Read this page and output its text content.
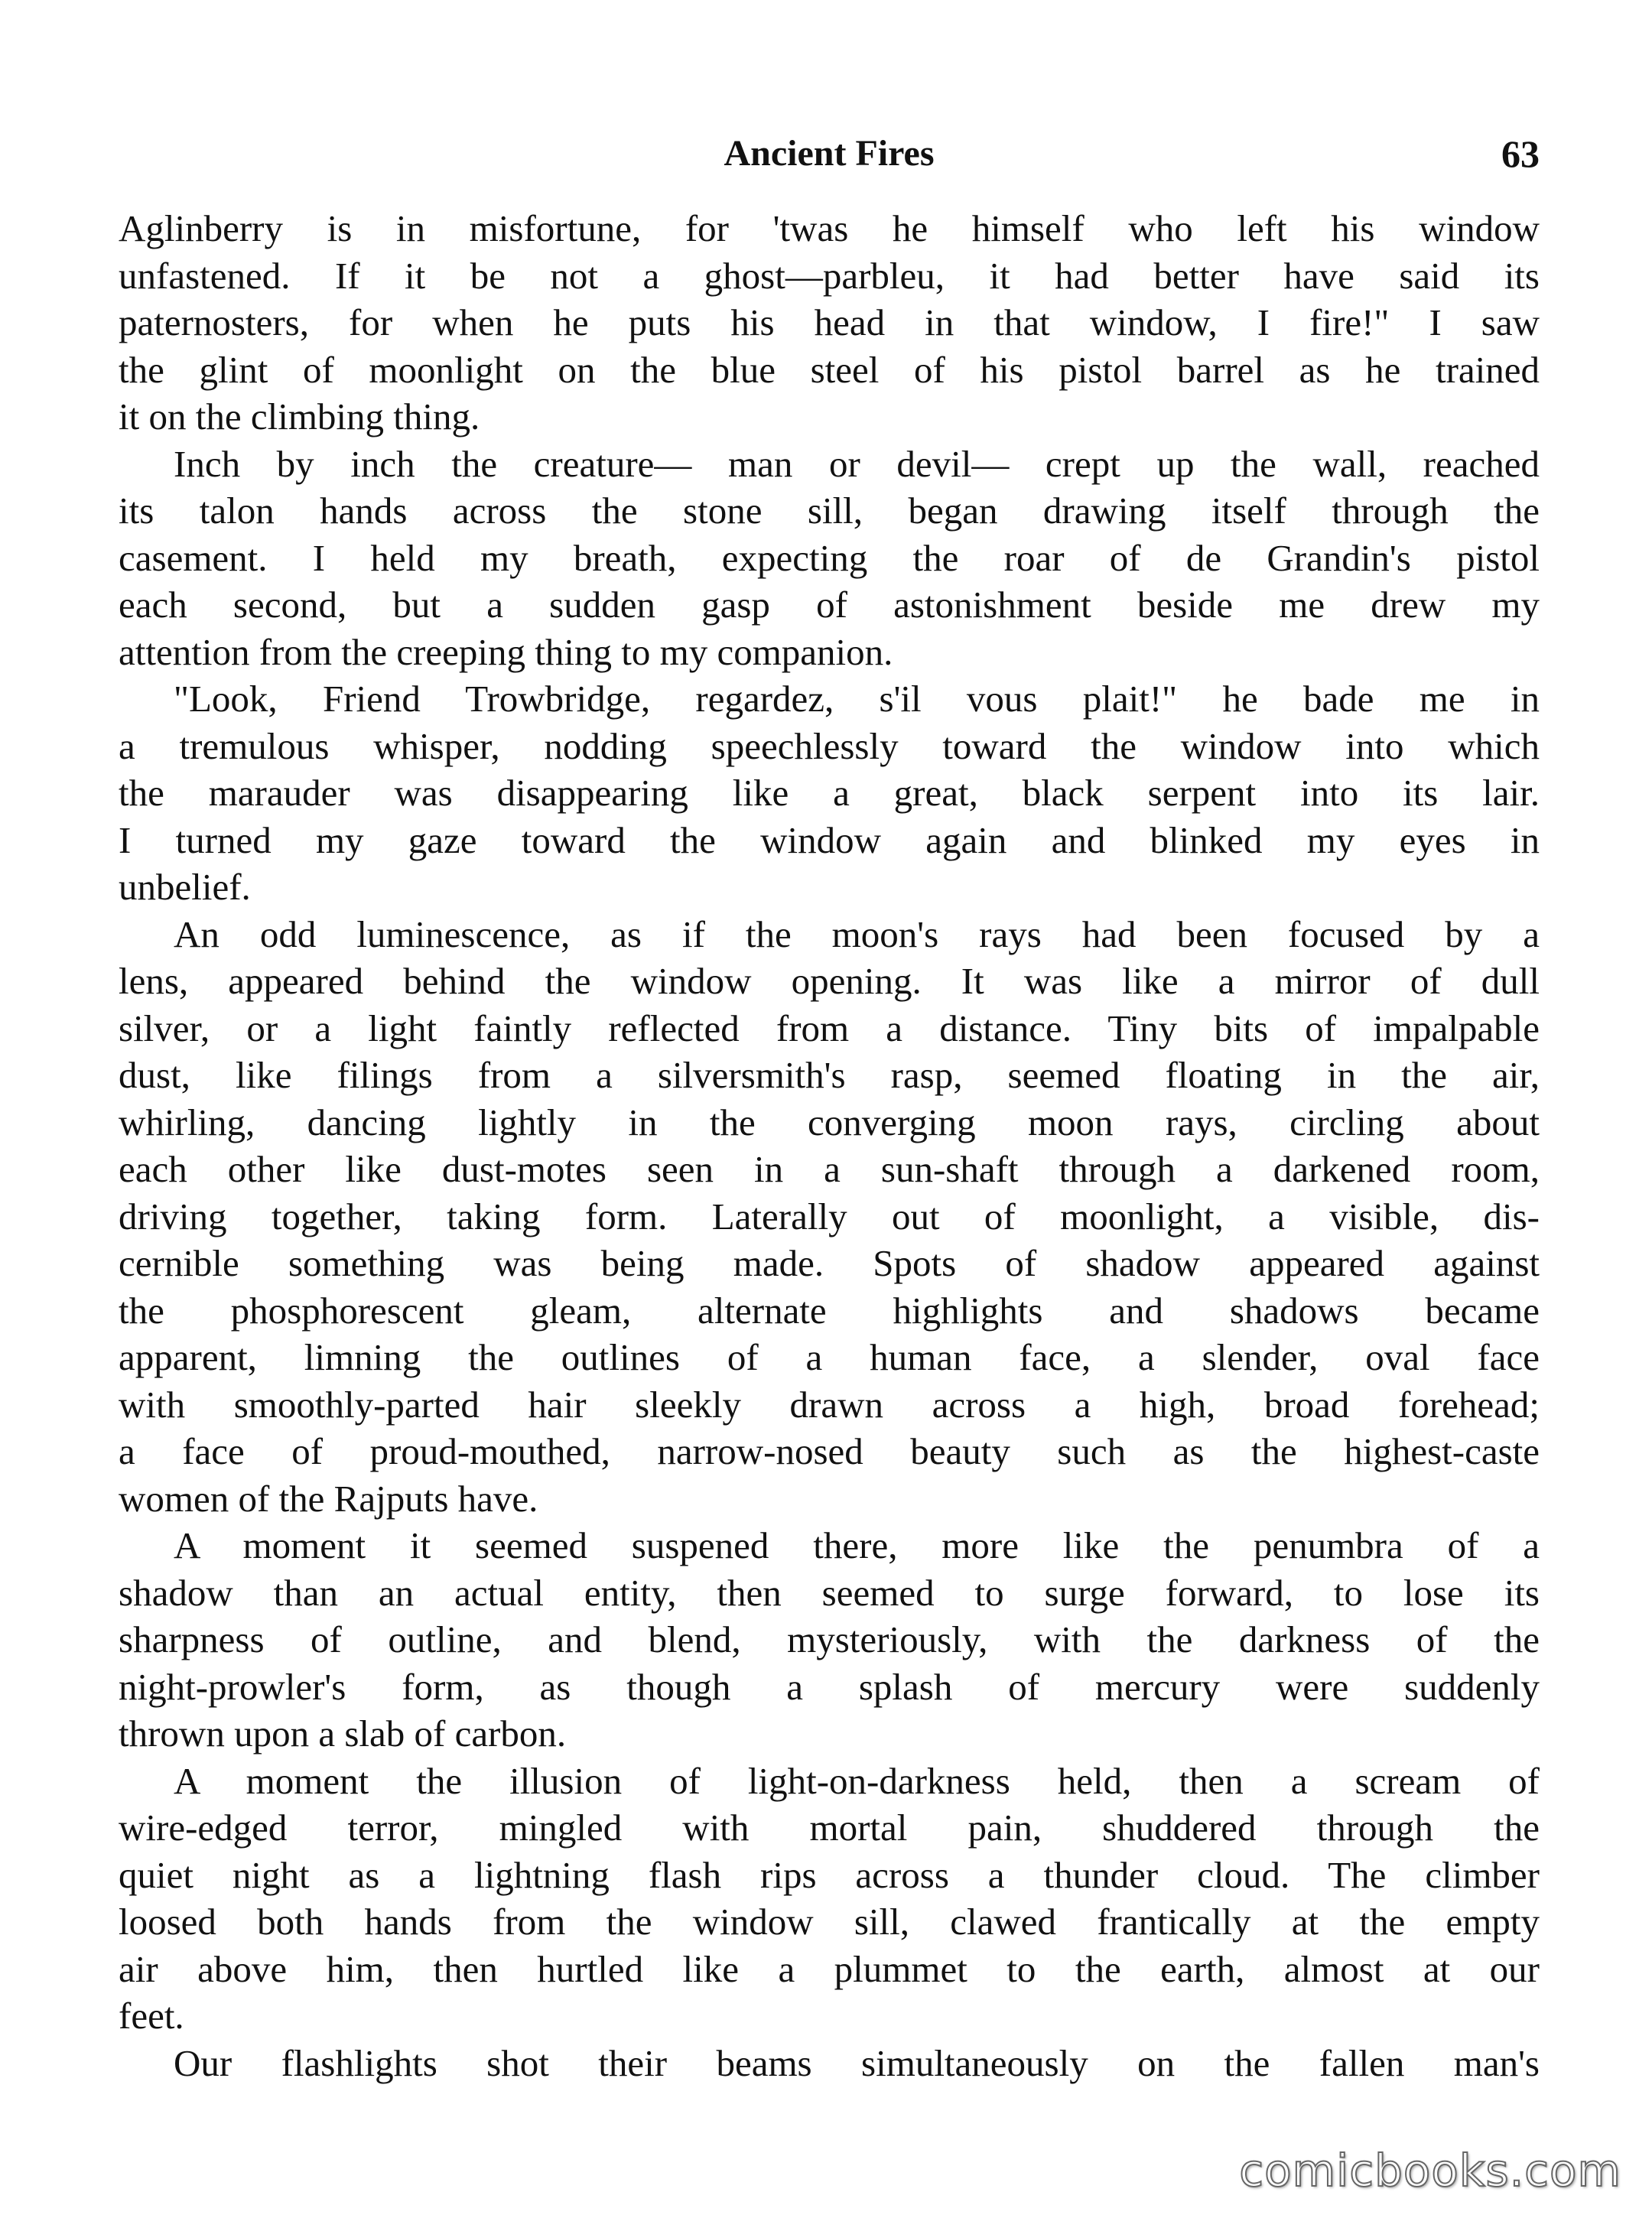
Ancient Fires	63
Aglinberry is in misfortune, for 'twas he himself who left his window
unfastened. If it be not a ghost—parbleu, it had better have said its
paternosters, for when he puts his head in that window, I fire!" I saw
the glint of moonlight on the blue steel of his pistol barrel as he trained
it on the climbing thing.
Inch by inch the creature— man or devil— crept up the wall, reached
its talon hands across the stone sill, began drawing itself through the
casement. I held my breath, expecting the roar of de Grandin's pistol
each second, but a sudden gasp of astonishment beside me drew my
attention from the creeping thing to my companion.
"Look, Friend Trowbridge, regardez, s'il vous plait!" he bade me in
a tremulous whisper, nodding speechlessly toward the window into which
the marauder was disappearing like a great, black serpent into its lair.
I turned my gaze toward the window again and blinked my eyes in
unbelief.
An odd luminescence, as if the moon's rays had been focused by a
lens, appeared behind the window opening. It was like a mirror of dull
silver, or a light faintly reflected from a distance. Tiny bits of impalpable
dust, like filings from a silversmith's rasp, seemed floating in the air,
whirling, dancing lightly in the converging moon rays, circling about
each other like dust-motes seen in a sun-shaft through a darkened room,
driving together, taking form. Laterally out of moonlight, a visible, dis-
cernible something was being made. Spots of shadow appeared against
the phosphorescent gleam, alternate highlights and shadows became
apparent, limning the outlines of a human face, a slender, oval face
with smoothly-parted hair sleekly drawn across a high, broad forehead;
a face of proud-mouthed, narrow-nosed beauty such as the highest-caste
women of the Rajputs have.
A moment it seemed suspened there, more like the penumbra of a
shadow than an actual entity, then seemed to surge forward, to lose its
sharpness of outline, and blend, mysteriously, with the darkness of the
night-prowler's form, as though a splash of mercury were suddenly
thrown upon a slab of carbon.
A moment the illusion of light-on-darkness held, then a scream of
wire-edged terror, mingled with mortal pain, shuddered through the
quiet night as a lightning flash rips across a thunder cloud. The climber
loosed both hands from the window sill, clawed frantically at the empty
air above him, then hurtled like a plummet to the earth, almost at our
feet.
Our flashlights shot their beams simultaneously on the fallen man's
comicbooks.com
